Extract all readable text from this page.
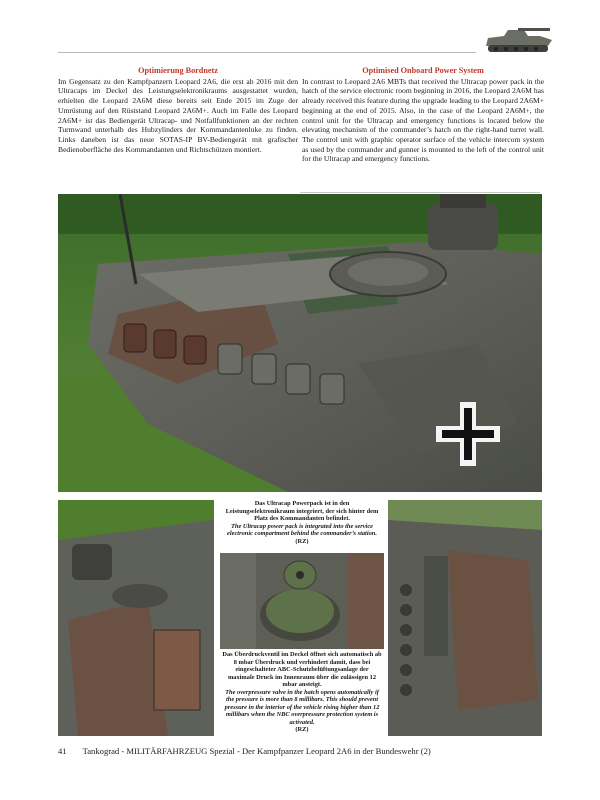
Optimierung Bordnetz

Im Gegensatz zu den Kampfpanzern Leopard 2A6, die erst ab 2016 mit den Ultracaps im Deckel des Leistungselektronikraums ausgestattet wurden, erhielten die Leopard 2A6M diese bereits seit Ende 2015 im Zuge der Umrüstung auf den Rüststand Leopard 2A6M+. Auch im Falle des Leopard 2A6M+ ist das Bediengerät Ultracap- und Notfallfunktionen an der rechten Turmwand unterhalb des Hubzylinders der Kommandantenluke zu finden. Links daneben ist das neue SOTAS-IP BV-Bediengerät mit grafischer Bedienoberfläche des Kommandanten und Richtschützen montiert.

Optimised Onboard Power System

In contrast to Leopard 2A6 MBTs that received the Ultracap power pack in the hatch of the service electronic room beginning in 2016, the Leopard 2A6M has already received this feature during the upgrade leading to the Leopard 2A6M+ beginning at the end of 2015. Also, in the case of the Leopard 2A6M+, the control unit for the Ultracap and emergency functions is located below the elevating mechanism of the commander’s hatch on the right-hand turret wall. The control unit with graphic operator surface of the vehicle intercom system as used by the commander and gunner is mounted to the left of the control unit for the Ultracap and emergency functions.

Das Ultracap Powerpack ist in den Leistungselektronikraum integriert, der sich hinter dem Platz des Kommandanten befindet.
The Ultracap power pack is integrated into the service electronic compartment behind the commander’s station.
(RZ)
Das Überdruckventil im Deckel öffnet sich automatisch ab 8 mbar Überdruck und verhindert damit, dass bei eingeschalteter ABC-Schutzbelüftungsanlage der maximale Druck im Innenraum über die zulässigen 12 mbar ansteigt.
The overpressure valve in the hatch opens automatically if the pressure is more than 8 millibars. This should prevent pressure in the interior of the vehicle rising higher than 12 millibars when the NBC overpressure protection system is activated.
(RZ)
41 Tankograd - MILITÄRFAHRZEUG Spezial - Der Kampfpanzer Leopard 2A6 in der Bundeswehr (2)
